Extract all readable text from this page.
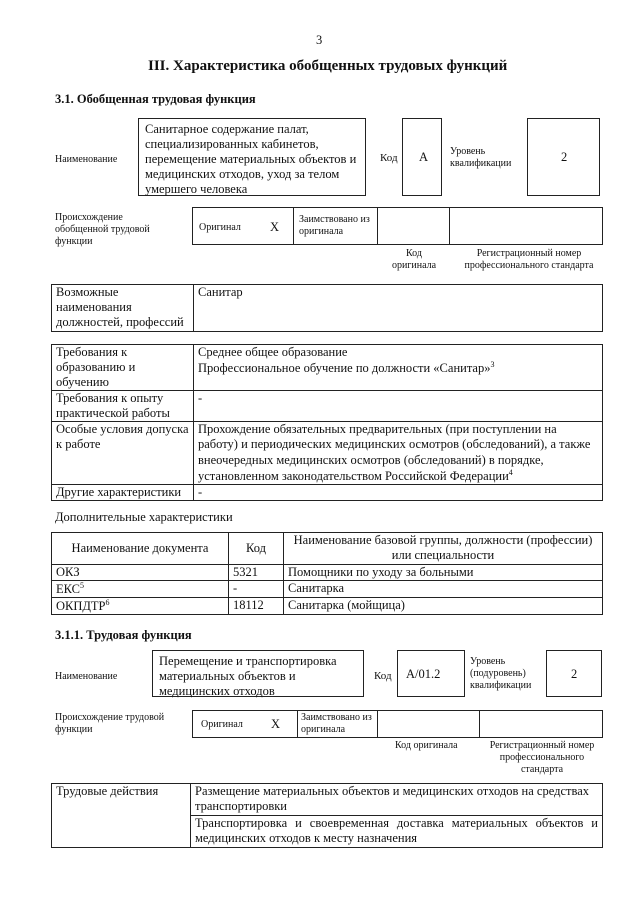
3
III. Характеристика обобщенных трудовых функций
3.1. Обобщенная трудовая функция
Наименование
Санитарное содержание палат, специализированных кабинетов, перемещение материальных объектов и медицинских отходов, уход за телом умершего человека
Код А Уровень квалификации	2
Происхождение обобщенной трудовой функции
Оригинал X
Заимствовано из оригинала
Код оригинала
Регистрационный номер профессионального стандарта
Возможные наименования должностей, профессий	Санитар
Требования к образованию и обучению	Среднее общее образование
Профессиональное обучение по должности «Санитар»$^3$

Требования к опыту практической работы	-
Особые условия допуска к работе	Прохождение обязательных предварительных (при поступлении на работу) и периодических медицинских осмотров (обследований), а также внеочередных медицинских осмотров (обследований) в порядке, установленном законодательством Российской Федерации$^4$
Другие характеристики	-
Дополнительные характеристики
Наименование документа	Код	Наименование базовой группы, должности (профессии) или специальности
ОКЗ	5321	Помощники по уходу за больными
ЕКС$^5$	-	Санитарка
ОКПДТР$^6$	18112	Санитарка (мойщица)
3.1.1. Трудовая функция
Наименование
Перемещение и транспортировка материальных объектов и медицинских отходов
Код А/01.2
Уровень (подуровень) квалификации
2
Происхождение трудовой функции	Оригинал X Заимствовано из оригинала
Код оригинала	Регистрационный номер профессионального стандарта
Трудовые действия	Размещение материальных объектов и медицинских отходов на средствах транспортировки
Транспортировка и своевременная доставка материальных объектов и медицинских отходов к месту назначения
